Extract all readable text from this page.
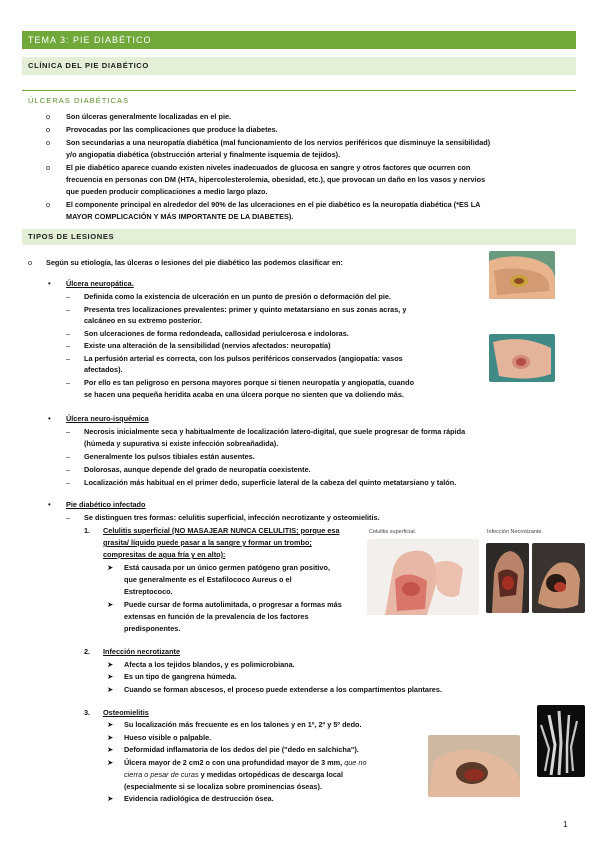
TEMA 3: PIE DIABÉTICO
CLÍNICA DEL PIE DIABÉTICO
ÚLCERAS DIABÉTICAS
o Son úlceras generalmente localizadas en el pie.
o Provocadas por las complicaciones que produce la diabetes.
o Son secundarias a una neuropatía diabética (mal funcionamiento de los nervios periféricos que disminuye la sensibilidad)
y/o angiopatía diabética (obstrucción arterial y finalmente isquemia de tejidos).
o El pie diabético aparece cuando existen niveles inadecuados de glucosa en sangre y otros factores que ocurren con
frecuencia en personas con DM (HTA, hipercolesterolemia, obesidad, etc.), que provocan un daño en los vasos y nervios
que pueden producir complicaciones a medio largo plazo.
o El componente principal en alrededor del 90% de las ulceraciones en el pie diabético es la neuropatía diabética (*ES LA
MAYOR COMPLICACIÓN Y MÁS IMPORTANTE DE LA DIABETES).
TIPOS DE LESIONES
o Según su etiología, las úlceras o lesiones del pie diabético las podemos clasificar en:
• Úlcera neuropática.
– Definida como la existencia de ulceración en un punto de presión o deformación del pie.
– Presenta tres localizaciones prevalentes: primer y quinto metatarsiano en sus zonas acras, y
calcáneo en su extremo posterior.
– Son ulceraciones de forma redondeada, callosidad periulcerosa e indoloras.
– Existe una alteración de la sensibilidad (nervios afectados: neuropatía)
– La perfusión arterial es correcta, con los pulsos periféricos conservados (angiopatía: vasos
afectados).
– Por ello es tan peligroso en persona mayores porque si tienen neuropatía y angiopatía, cuando
se hacen una pequeña heridita acaba en una úlcera porque no sienten que va doliendo más.
• Úlcera neuro-isquémica
– Necrosis inicialmente seca y habitualmente de localización latero-digital, que suele progresar de forma rápida
(húmeda y supurativa si existe infección sobreañadida).
– Generalmente los pulsos tibiales están ausentes.
– Dolorosas, aunque depende del grado de neuropatía coexistente.
– Localización más habitual en el primer dedo, superficie lateral de la cabeza del quinto metatarsiano y talón.
• Pie diabético infectado
– Se distinguen tres formas: celulitis superficial, infección necrotizante y osteomielitis.
1. Celulitis superficial (NO MASAJEAR NUNCA CELULITIS; porque esa
grasita/ líquido puede pasar a la sangre y formar un trombo;
compresitas de agua fría y en alto):
➤ Está causada por un único germen patógeno gran positivo,
que generalmente es el Estafilococo Aureus o el
Estreptococo.
➤ Puede cursar de forma autolimitada, o progresar a formas más
extensas en función de la prevalencia de los factores
predisponentes.
Celulitis superficial.	Infección Necrotizante.
2. Infección necrotizante
➤ Afecta a los tejidos blandos, y es polimicrobiana.
➤ Es un tipo de gangrena húmeda.
➤ Cuando se forman abscesos, el proceso puede extenderse a los compartimentos plantares.
3. Osteomielitis
➤ Su localización más frecuente es en los talones y en 1º, 2º y 5º dedo.
➤ Hueso visible o palpable.
➤ Deformidad inflamatoria de los dedos del pie ("dedo en salchicha").
➤ Úlcera mayor de 2 cm2 o con una profundidad mayor de 3 mm, que no
cierra o pesar de curas y medidas ortopédicas de descarga local
(especialmente si se localiza sobre prominencias óseas).
➤ Evidencia radiológica de destrucción ósea.
1
